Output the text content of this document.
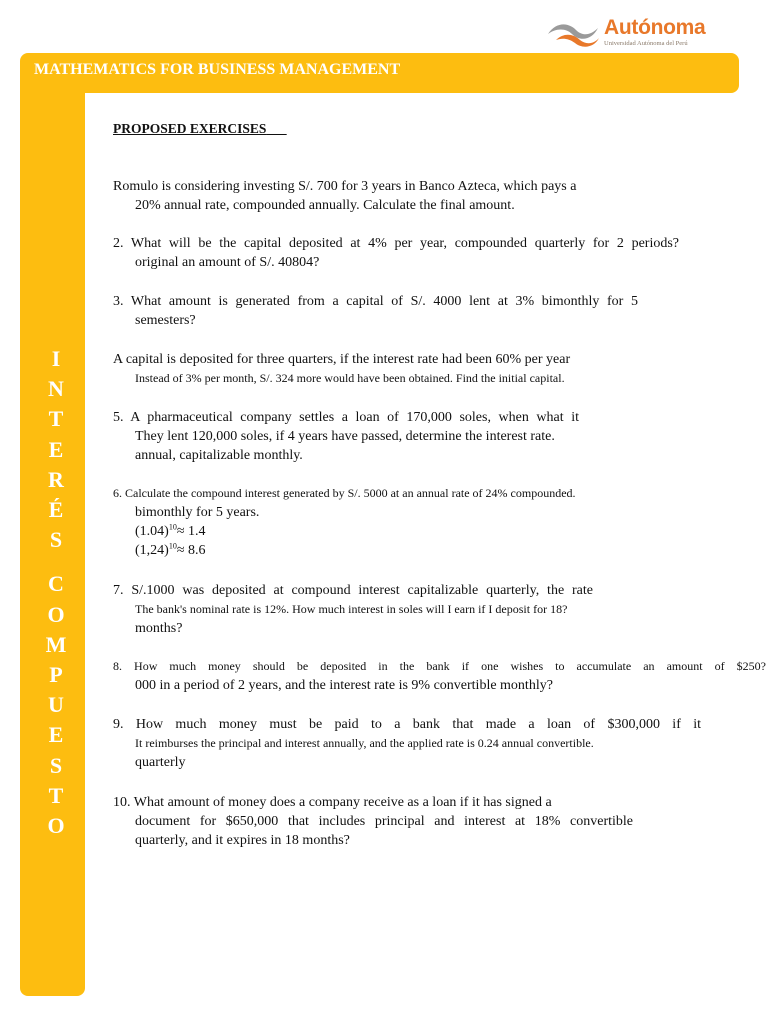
Autónoma
Universidad Autónoma del Perú
MATHEMATICS FOR BUSINESS MANAGEMENT
I
N
T
E
R
É
S
C
O
M
P
U
E
S
T
O
PROPOSED EXERCISES

Romulo is considering investing S/. 700 for 3 years in Banco Azteca, which pays a

20% annual rate, compounded annually. Calculate the final amount.

2. What will be the capital deposited at 4% per year, compounded quarterly for 2 periods?

original an amount of S/. 40804?

3. What amount is generated from a capital of S/. 4000 lent at 3% bimonthly for 5

semesters?

A capital is deposited for three quarters, if the interest rate had been 60% per year

Instead of 3% per month, S/. 324 more would have been obtained. Find the initial capital.

5. A pharmaceutical company settles a loan of 170,000 soles, when what it

They lent 120,000 soles, if 4 years have passed, determine the interest rate.

annual, capitalizable monthly.

6. Calculate the compound interest generated by S/. 5000 at an annual rate of 24% compounded.

bimonthly for 5 years.

$(1.04)^{10}\approx 1.4$

$(1,24)^{10}\approx 8.6$

7. S/.1000 was deposited at compound interest capitalizable quarterly, the rate

The bank's nominal rate is 12%. How much interest in soles will I earn if I deposit for 18?

months?

8. How much money should be deposited in the bank if one wishes to accumulate an amount of $250?

000 in a period of 2 years, and the interest rate is 9% convertible monthly?

9. How much money must be paid to a bank that made a loan of $300,000 if it

It reimburses the principal and interest annually, and the applied rate is 0.24 annual convertible.

quarterly

10. What amount of money does a company receive as a loan if it has signed a

document for $650,000 that includes principal and interest at 18% convertible

quarterly, and it expires in 18 months?
